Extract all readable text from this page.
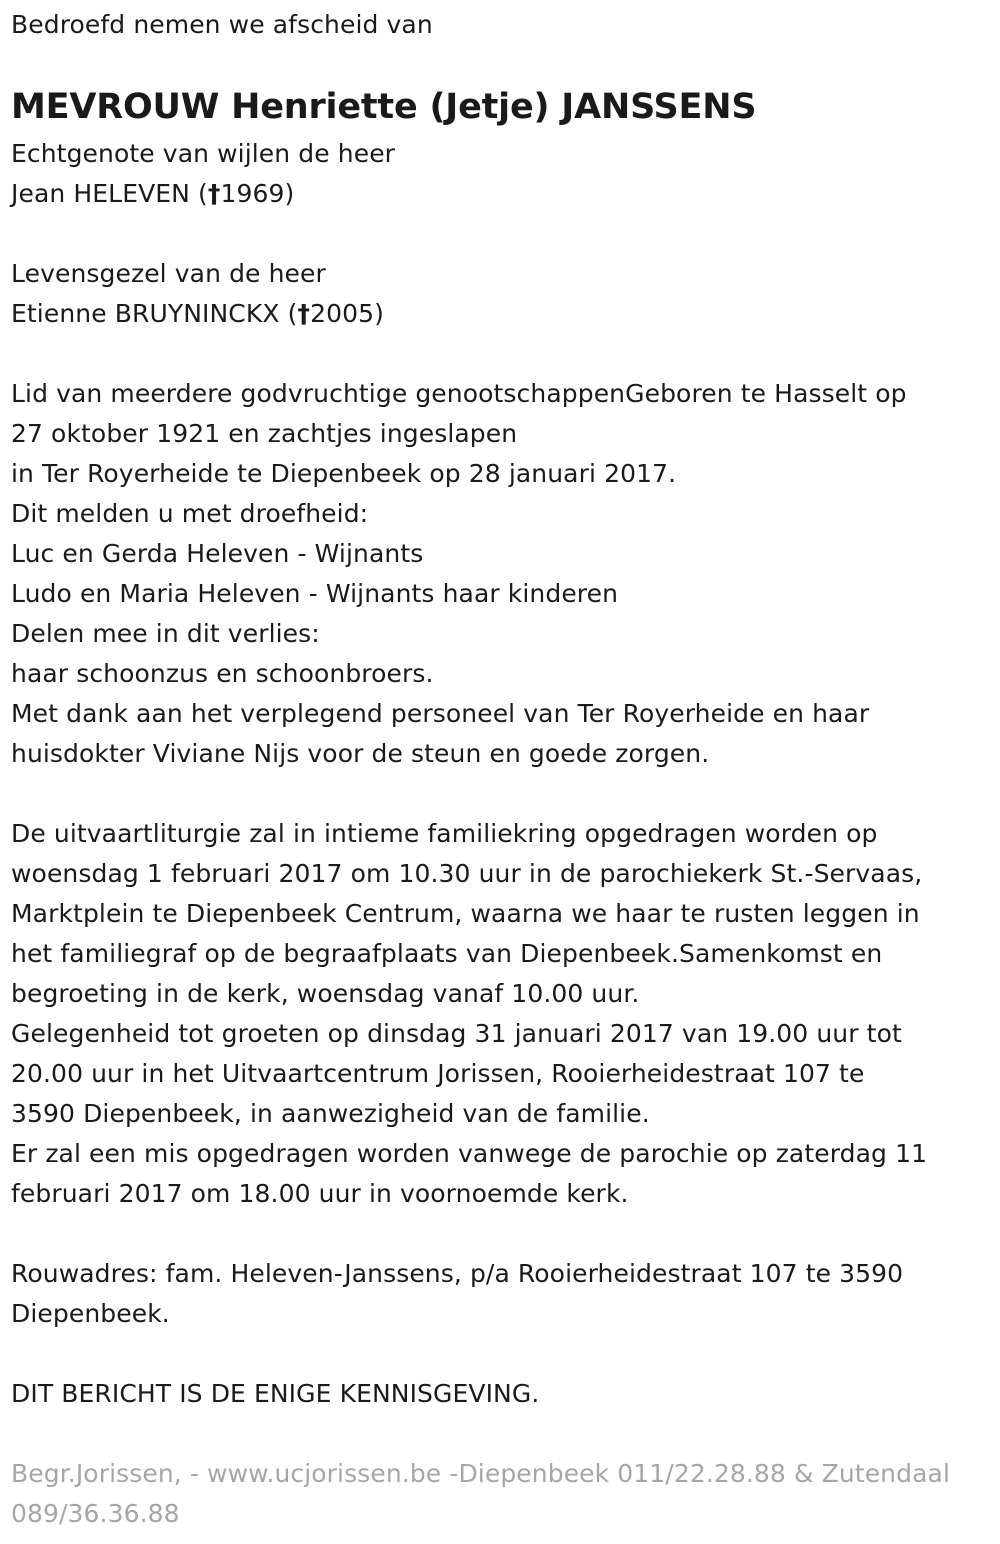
Bedroefd nemen we afscheid van
MEVROUW Henriette (Jetje) JANSSENS
Echtgenote van wijlen de heer
Jean HELEVEN (†1969)
Levensgezel van de heer
Etienne BRUYNINCKX (†2005)
Lid van meerdere godvruchtige genootschappenGeboren te Hasselt op
27 oktober 1921 en zachtjes ingeslapen
in Ter Royerheide te Diepenbeek op 28 januari 2017.
Dit melden u met droefheid:
Luc en Gerda Heleven - Wijnants
Ludo en Maria Heleven - Wijnants haar kinderen
Delen mee in dit verlies:
haar schoonzus en schoonbroers.
Met dank aan het verplegend personeel van Ter Royerheide en haar
huisdokter Viviane Nijs voor de steun en goede zorgen.
De uitvaartliturgie zal in intieme familiekring opgedragen worden op
woensdag 1 februari 2017 om 10.30 uur in de parochiekerk St.-Servaas,
Marktplein te Diepenbeek Centrum, waarna we haar te rusten leggen in
het familiegraf op de begraafplaats van Diepenbeek.Samenkomst en
begroeting in de kerk, woensdag vanaf 10.00 uur.
Gelegenheid tot groeten op dinsdag 31 januari 2017 van 19.00 uur tot
20.00 uur in het Uitvaartcentrum Jorissen, Rooierheidestraat 107 te
3590 Diepenbeek, in aanwezigheid van de familie.
Er zal een mis opgedragen worden vanwege de parochie op zaterdag 11
februari 2017 om 18.00 uur in voornoemde kerk.
Rouwadres: fam. Heleven-Janssens, p/a Rooierheidestraat 107 te 3590
Diepenbeek.
DIT BERICHT IS DE ENIGE KENNISGEVING.
Begr.Jorissen, - www.ucjorissen.be -Diepenbeek 011/22.28.88 & Zutendaal
089/36.36.88
